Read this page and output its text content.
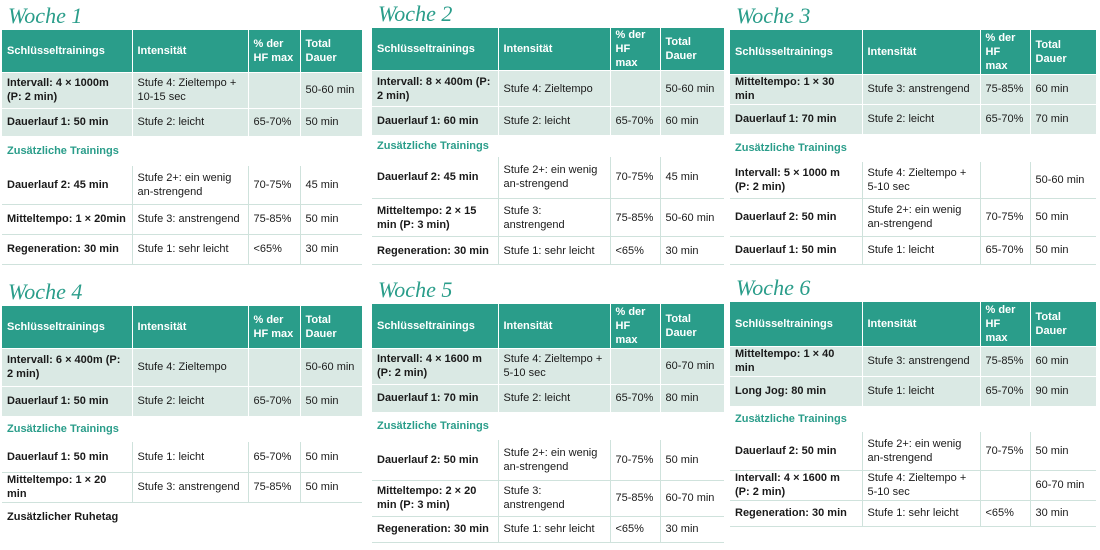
Woche 1
Schlüsseltrainings	Intensität	% der HF max	Total Dauer
Intervall: 4 × 1000m (P: 2 min)	Stufe 4: Zieltempo + 10-15 sec		50-60 min
Dauerlauf 1: 50 min	Stufe 2: leicht	65-70%	50 min
Zusätzliche Trainings			
Dauerlauf 2: 45 min	Stufe 2+: ein wenig an-strengend	70-75%	45 min
Mitteltempo: 1 × 20min	Stufe 3: anstrengend	75-85%	50 min
Regeneration: 30 min	Stufe 1: sehr leicht	<65%	30 min
Woche 2
Schlüsseltrainings	Intensität	% der HF max	Total Dauer
Intervall: 8 × 400m (P: 2 min)	Stufe 4: Zieltempo		50-60 min
Dauerlauf 1: 60 min	Stufe 2: leicht	65-70%	60 min
Zusätzliche Trainings			
Dauerlauf 2: 45 min	Stufe 2+: ein wenig an-strengend	70-75%	45 min
Mitteltempo: 2 × 15 min (P: 3 min)	Stufe 3: anstrengend	75-85%	50-60 min
Regeneration: 30 min	Stufe 1: sehr leicht	<65%	30 min
Woche 3
Schlüsseltrainings	Intensität	% der HF max	Total Dauer
Mitteltempo: 1 × 30 min	Stufe 3: anstrengend	75-85%	60 min
Dauerlauf 1: 70 min	Stufe 2: leicht	65-70%	70 min
Zusätzliche Trainings			
Intervall: 5 × 1000 m (P: 2 min)	Stufe 4: Zieltempo + 5-10 sec		50-60 min
Dauerlauf 2: 50 min	Stufe 2+: ein wenig an-strengend	70-75%	50 min
Dauerlauf 1: 50 min	Stufe 1: leicht	65-70%	50 min
Woche 4
Schlüsseltrainings	Intensität	% der HF max	Total Dauer
Intervall: 6 × 400m (P: 2 min)	Stufe 4: Zieltempo		50-60 min
Dauerlauf 1: 50 min	Stufe 2: leicht	65-70%	50 min
Zusätzliche Trainings			
Dauerlauf 1: 50 min	Stufe 1: leicht	65-70%	50 min
Mitteltempo: 1 × 20 min	Stufe 3: anstrengend	75-85%	50 min
Zusätzlicher Ruhetag			
Woche 5
Schlüsseltrainings	Intensität	% der HF max	Total Dauer
Intervall: 4 × 1600 m (P: 2 min)	Stufe 4: Zieltempo + 5-10 sec		60-70 min
Dauerlauf 1: 70 min	Stufe 2: leicht	65-70%	80 min
Zusätzliche Trainings			
Dauerlauf 2: 50 min	Stufe 2+: ein wenig an-strengend	70-75%	50 min
Mitteltempo: 2 × 20 min (P: 3 min)	Stufe 3: anstrengend	75-85%	60-70 min
Regeneration: 30 min	Stufe 1: sehr leicht	<65%	30 min
Woche 6
Schlüsseltrainings	Intensität	% der HF max	Total Dauer
Mitteltempo: 1 × 40 min	Stufe 3: anstrengend	75-85%	60 min
Long Jog: 80 min	Stufe 1: leicht	65-70%	90 min
Zusätzliche Trainings			
Dauerlauf 2: 50 min	Stufe 2+: ein wenig an-strengend	70-75%	50 min
Intervall: 4 × 1600 m (P: 2 min)	Stufe 4: Zieltempo + 5-10 sec		60-70 min
Regeneration: 30 min	Stufe 1: sehr leicht	<65%	30 min
